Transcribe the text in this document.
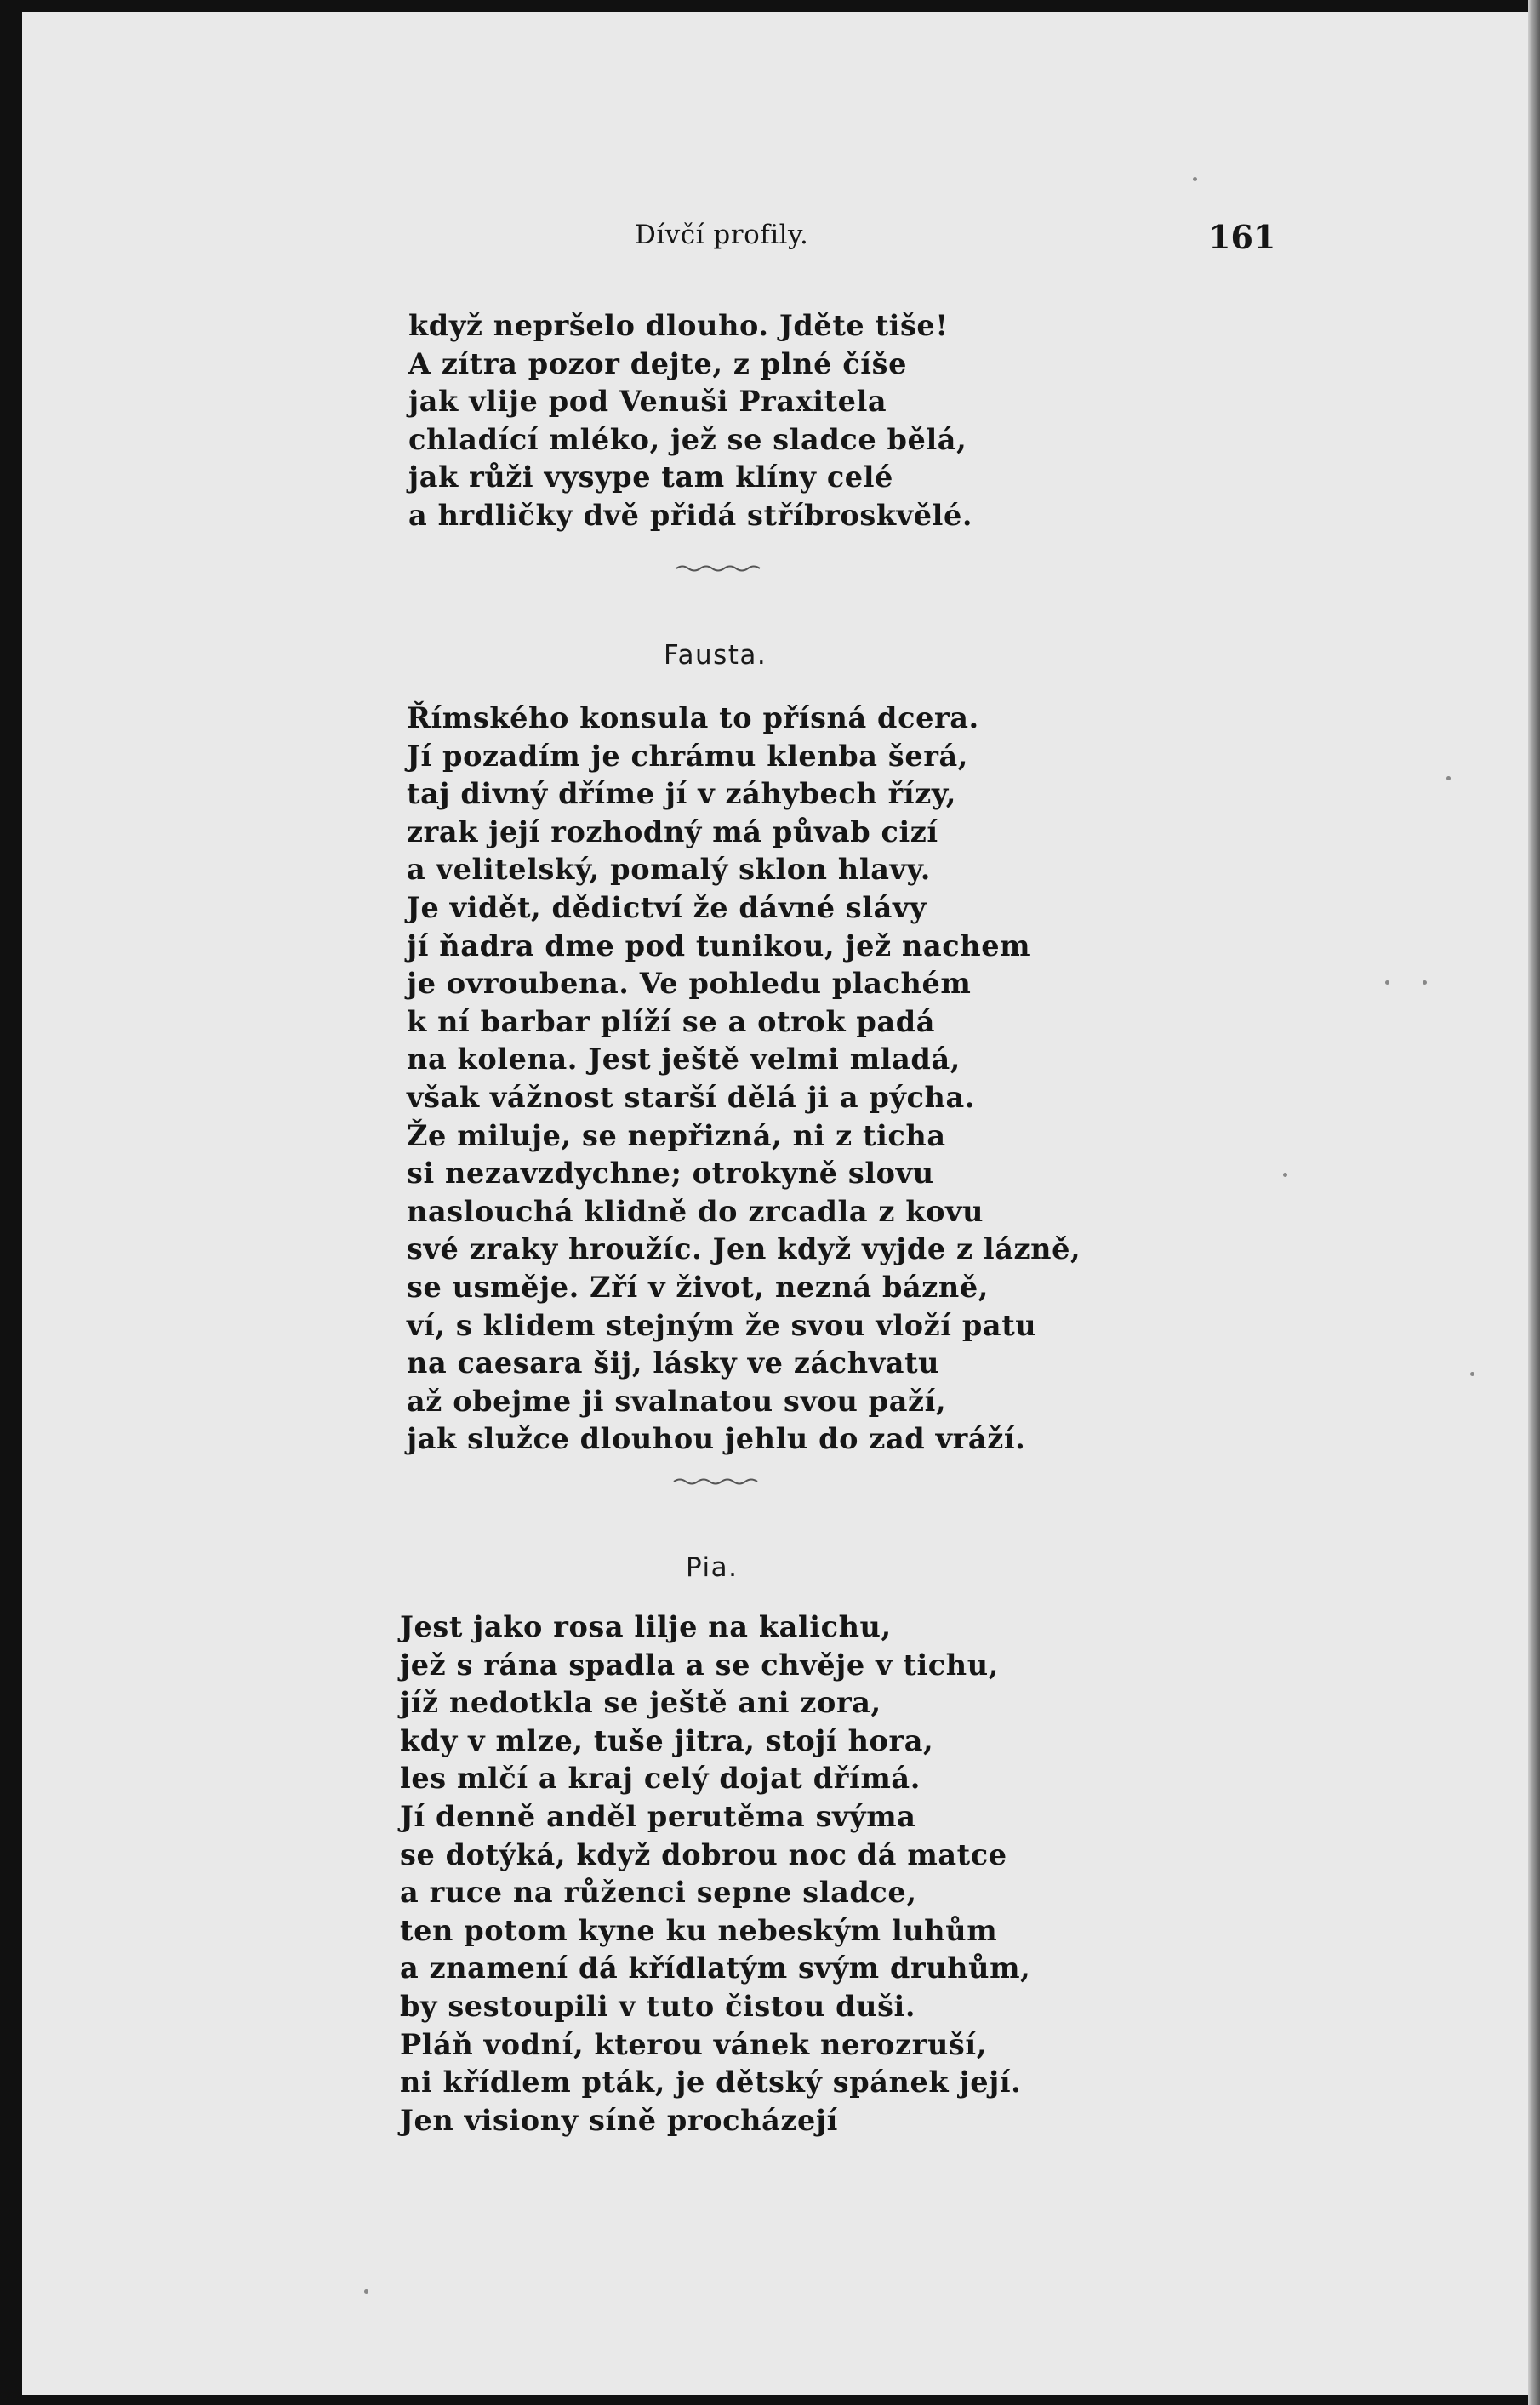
Dívčí profily.	161
když nepršelo dlouho. Jděte tiše!
A zítra pozor dejte, z plné číše
jak vlije pod Venuši Praxitela
chladící mléko, jež se sladce bělá,
jak růži vysype tam klíny celé
a hrdličky dvě přidá stříbroskvělé.
Fausta.
Římského konsula to přísná dcera.
Jí pozadím je chrámu klenba šerá,
taj divný dříme jí v záhybech řízy,
zrak její rozhodný má půvab cizí
a velitelský, pomalý sklon hlavy.
Je vidět, dědictví že dávné slávy
jí ňadra dme pod tunikou, jež nachem
je ovroubena. Ve pohledu plachém
k ní barbar plíží se a otrok padá
na kolena. Jest ještě velmi mladá,
však vážnost starší dělá ji a pýcha.
Že miluje, se nepřizná, ni z ticha
si nezavzdychne; otrokyně slovu
naslouchá klidně do zrcadla z kovu
své zraky hroužíc. Jen když vyjde z lázně,
se usměje. Zří v život, nezná bázně,
ví, s klidem stejným že svou vloží patu
na caesara šij, lásky ve záchvatu
až obejme ji svalnatou svou paží,
jak služce dlouhou jehlu do zad vráží.
Pia.
Jest jako rosa lilje na kalichu,
jež s rána spadla a se chvěje v tichu,
jíž nedotkla se ještě ani zora,
kdy v mlze, tuše jitra, stojí hora,
les mlčí a kraj celý dojat dřímá.
Jí denně anděl perutěma svýma
se dotýká, když dobrou noc dá matce
a ruce na růženci sepne sladce,
ten potom kyne ku nebeským luhům
a znamení dá křídlatým svým druhům,
by sestoupili v tuto čistou duši.
Pláň vodní, kterou vánek nerozruší,
ni křídlem pták, je dětský spánek její.
Jen visiony síně procházejí
